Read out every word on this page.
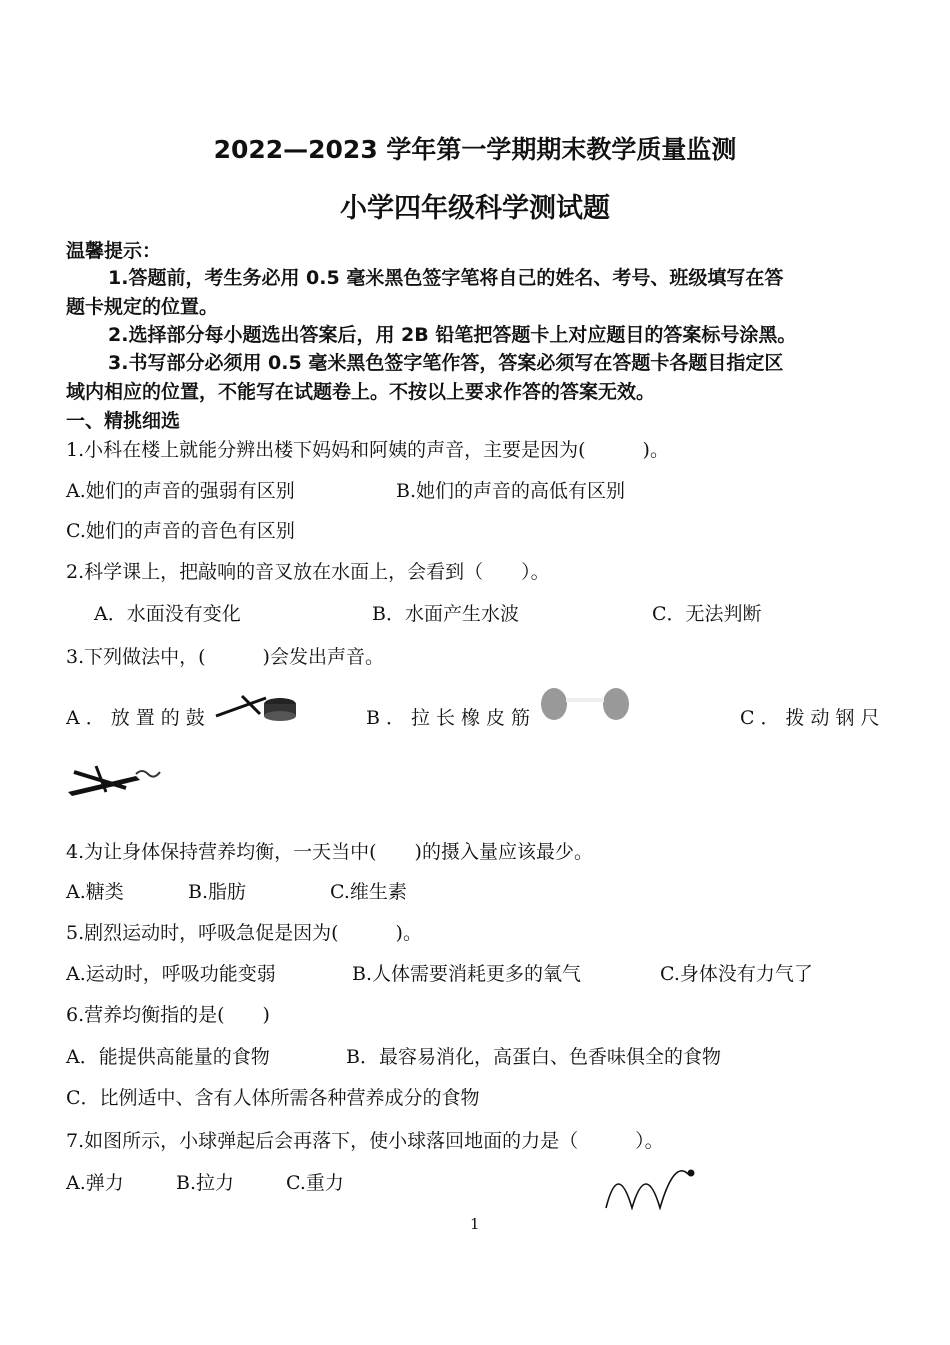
2022—2023 学年第一学期期末教学质量监测
小学四年级科学测试题
温馨提示：
1.答题前，考生务必用 0.5 毫米黑色签字笔将自己的姓名、考号、班级填写在答
题卡规定的位置。
2.选择部分每小题选出答案后，用 2B 铅笔把答题卡上对应题目的答案标号涂黑。
3.书写部分必须用 0.5 毫米黑色签字笔作答，答案必须写在答题卡各题目指定区
域内相应的位置，不能写在试题卷上。不按以上要求作答的答案无效。
一、精挑细选
1.小科在楼上就能分辨出楼下妈妈和阿姨的声音，主要是因为(　　　)。
A.她们的声音的强弱有区别	B.她们的声音的高低有区别
C.她们的声音的音色有区别
2.科学课上，把敲响的音叉放在水面上，会看到（　　）。
A．水面没有变化	B．水面产生水波	C．无法判断
3.下列做法中，(　　　)会发出声音。
A．放置的鼓	B．拉长橡皮筋	C．拨动钢尺
4.为让身体保持营养均衡，一天当中(　　)的摄入量应该最少。
A.糖类	B.脂肪	C.维生素
5.剧烈运动时，呼吸急促是因为(　　　)。
A.运动时，呼吸功能变弱	B.人体需要消耗更多的氧气	C.身体没有力气了
6.营养均衡指的是(　　)
A．能提供高能量的食物	B．最容易消化，高蛋白、色香味俱全的食物
C．比例适中、含有人体所需各种营养成分的食物
7.如图所示，小球弹起后会再落下，使小球落回地面的力是（　　　）。
A.弹力	B.拉力	C.重力
1
